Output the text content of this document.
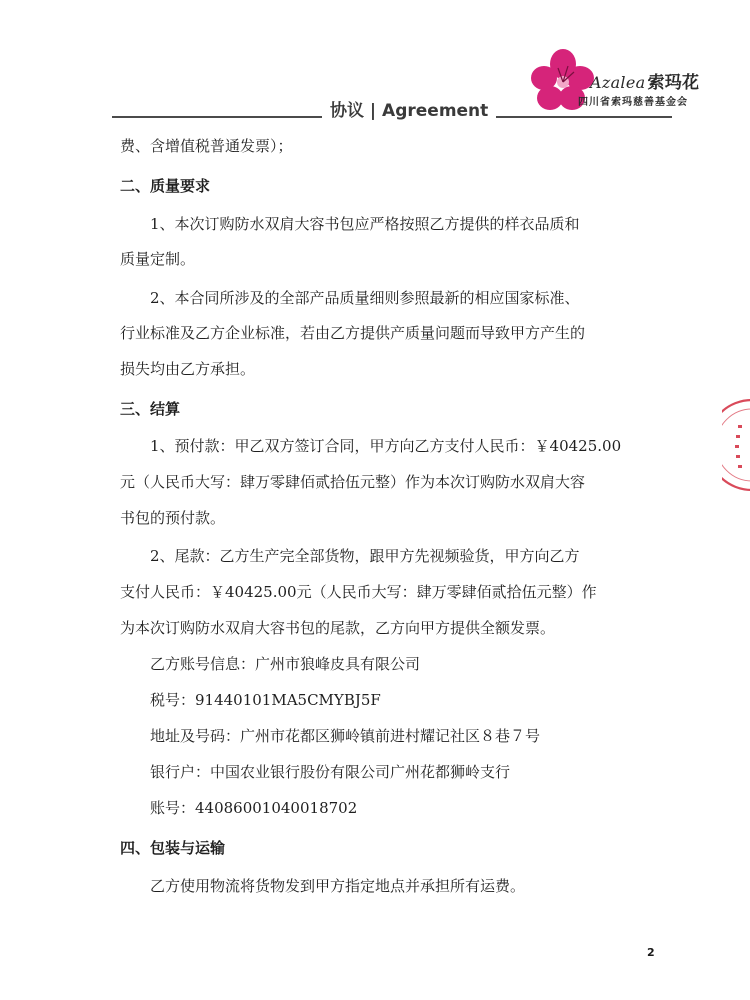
Azalea 索玛花
四川省索玛慈善基金会
协议 | Agreement
费、含增值税普通发票）；
二、质量要求
1、本次订购防水双肩大容书包应严格按照乙方提供的样衣品质和
质量定制。
2、本合同所涉及的全部产品质量细则参照最新的相应国家标准、
行业标准及乙方企业标准，若由乙方提供产质量问题而导致甲方产生的
损失均由乙方承担。
三、结算
1、预付款：甲乙双方签订合同，甲方向乙方支付人民币：￥40425.00
元（人民币大写：肆万零肆佰贰拾伍元整）作为本次订购防水双肩大容
书包的预付款。
2、尾款：乙方生产完全部货物，跟甲方先视频验货，甲方向乙方
支付人民币：￥40425.00元（人民币大写：肆万零肆佰贰拾伍元整）作
为本次订购防水双肩大容书包的尾款，乙方向甲方提供全额发票。
乙方账号信息：广州市狼峰皮具有限公司
税号：91440101MA5CMYBJ5F
地址及号码：广州市花都区狮岭镇前进村耀记社区８巷７号
银行户：中国农业银行股份有限公司广州花都狮岭支行
账号：44086001040018702
四、包装与运输
乙方使用物流将货物发到甲方指定地点并承担所有运费。
2
